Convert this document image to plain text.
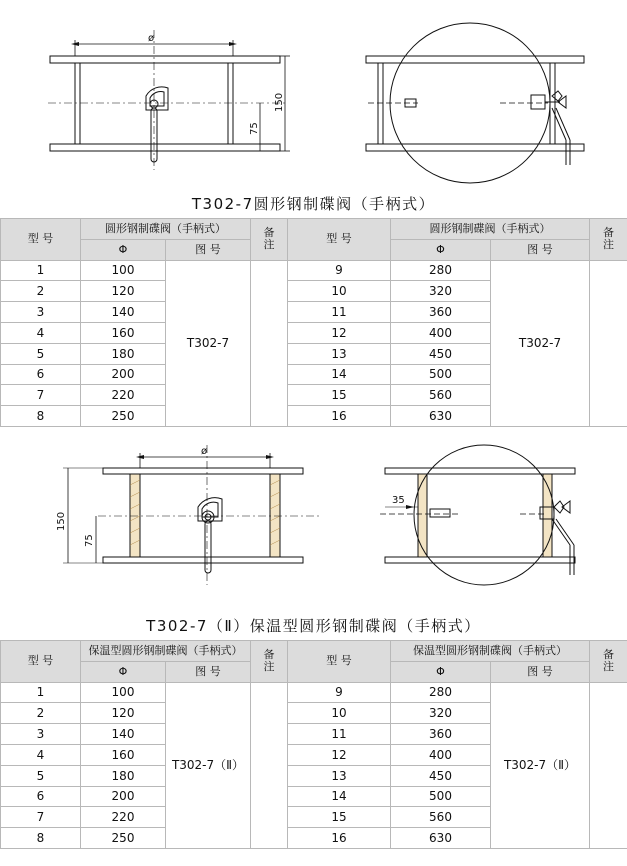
ø
150
75
T302-7圆形钢制碟阀（手柄式）
型 号	圆形钢制碟阀（手柄式）		备注	型 号	圆形钢制碟阀（手柄式）		备注
	Φ	图 号			Φ	图 号	
1	100	T302-7		9	280	T302-7	
2	120			10	320		
3	140			11	360		
4	160			12	400		
5	180			13	450		
6	200			14	500		
7	220			15	560		
8	250			16	630		
150
75
ø
35
T302-7（Ⅱ）保温型圆形钢制碟阀（手柄式）
型 号	保温型圆形钢制碟阀（手柄式）		备注	型 号	保温型圆形钢制碟阀（手柄式）		备注
	Φ	图 号			Φ	图 号	
1	100	T302-7（Ⅱ）		9	280	T302-7（Ⅱ）	
2	120			10	320		
3	140			11	360		
4	160			12	400		
5	180			13	450		
6	200			14	500		
7	220			15	560		
8	250			16	630		
